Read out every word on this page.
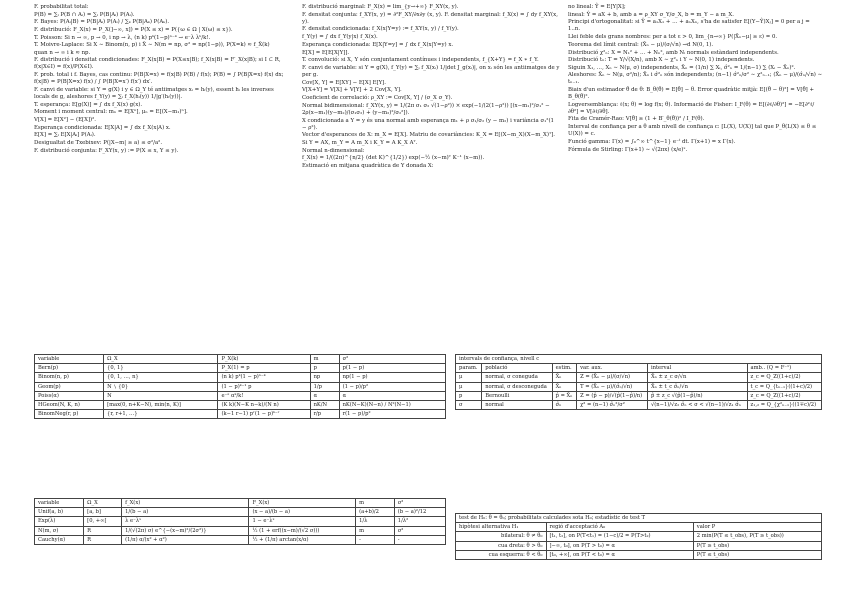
F. probabilitat total:

P(B) = ∑ᵢ P(B ∩ Aᵢ) = ∑ᵢ P(B|Aᵢ) P(Aᵢ).

F. Bayes: P(Aᵢ|B) = P(B|Aᵢ) P(Aᵢ) / ∑ₖ P(B|Aₖ) P(Aₖ).

F. distribució: F_X(x) = P_X(]−∞, x]) = P(X ≤ x) = P({ω ∈ Ω | X(ω) ≤ x}).

T. Poisson: Si n → ∞, p → 0, i np → λ, (n k) pᵏ(1−p)ⁿ⁻ᵏ → e⁻λ λᵏ/k!.

T. Moivre-Laplace: Si X ∼ Binom(n, p) i X̃ ∼ N(m = np, σ² = np(1−p)), P(X=k) ≈ f_X̃(k) quan n → ∞ i k ≈ np.

F. distribució i densitat condicionades: F_X(x|B) = P(X≤x|B); f_X(x|B) = F′_X(x|B); si I ⊂ R, f(x|X∈I) = f(x)/P(X∈I).

F. prob. total i f. Bayes, cas continu: P(B|X=x) = f(x|B) P(B) / f(x); P(B) = ∫ P(B|X=x) f(x) dx; f(x|B) = P(B|X=x) f(x) / ∫ P(B|X=x′) f(x′) dx′.

F. canvi de variable: si Y = g(X) i y ∈ Ω_Y té antiimatges xᵢ = hᵢ(y), essent hᵢ les inverses locals de g, aleshores f_Y(y) = ∑ᵢ f_X(hᵢ(y)) 1/|g′(hᵢ(y))|.

T. esperança: E[g(X)] = ∫ dx f_X(x) g(x).

Moment i moment central: mₙ = E[Xⁿ], μₙ = E[(X−m₁)ⁿ].

V[X] = E[X²] − (E[X])².

Esperança condicionada: E[X|A] = ∫ dx f_X(x|A) x.

E[X] = ∑ᵢ E[X|Aᵢ] P(Aᵢ).

Desigualtat de Txebixev: P(|X−m| ≥ a) ≤ σ²/a².

F. distribució conjunta: F_XY(x, y) := P(X ≤ x, Y ≤ y).

F. distribució marginal: F_X(x) = lim_{y→+∞} F_XY(x, y).

F. densitat conjunta: f_XY(x, y) = ∂²F_XY/∂x∂y (x, y). F. densitat marginal: f_X(x) = ∫ dy f_XY(x, y).

F. densitat condicionada: f_X(x|Y=y) := f_XY(x, y) / f_Y(y).

f_Y(y) = ∫ dx f_Y(y|x) f_X(x).

Esperança condicionada: E[X|Y=y] = ∫ dx f_X(x|Y=y) x.

E[X] = E[E[X|Y]].

T. convolució: si X, Y són conjuntament contínues i independents, f_{X+Y} = f_X ∗ f_Y.

F. canvi de variable: si Y = g(X), f_Y(y) = ∑ᵢ f_X(xᵢ) 1/|det J_g(xᵢ)|, on xᵢ són les antiimatges de y per g.

Cov[X, Y] = E[XY] − E[X] E[Y].

V[X+Y] = V[X] + V[Y] + 2 Cov[X, Y].

Coeficient de correlació: ρ_XY := Cov[X, Y] / (σ_X σ_Y).

Normal bidimensional: f_XY(x, y) = 1/(2π σ₁ σ₂ √(1−ρ²)) × exp(−1/(2(1−ρ²)) [(x−m₁)²/σ₁² − 2ρ(x−m₁)(y−m₂)/(σ₁σ₂) + (y−m₂)²/σ₂²]).

X condicionada a Y = y és una normal amb esperança m₁ + ρ σ₁/σ₂ (y − m₂) i variància σ₁²(1 − ρ²).

Vector d'esperances de X: m_X = E[X]. Matriu de covariàncies: K_X = E[(X−m_X)(X−m_X)ᵀ].

Si Y = AX, m_Y = A m_X i K_Y = A K_X Aᵀ.

Normal n-dimensional:

f_X(x) = 1/((2π)^{n/2} (det K)^{1/2}) exp(−½ (x−m)ᵀ K⁻¹ (x−m)).

Estimació en mitjana quadràtica de Y donada X:

no lineal: Ŷ = E[Y|X];

lineal: Ŷ = aX + b, amb a = ρ_XY σ_Y/σ_X, b = m_Y − a m_X.

Principi d'ortogonalitat: si Ŷ = a₁X₁ + … + aₙXₙ, s'ha de satisfer E[(Y−Ŷ)Xⱼ] = 0 per a j = 1..n.

Llei feble dels grans nombres: per a tot ε > 0, lim_{n→∞} P(|X̄ₙ−μ| ≥ ε) = 0.

Teorema del límit central: (X̄ₙ − μ)/(σ/√n) →d N(0, 1).

Distribució χ²ₙ: X = N₁² + … + Nₙ², amb Nᵢ normals estàndard independents.

Distribució tₙ: T = Y/√(X/n), amb X ∼ χ²ₙ i Y ∼ N(0, 1) independents.

Siguin X₁, …, Xₙ ∼ N(μ, σ) independents, X̄ₙ = (1/n) ∑ Xᵢ, σ̂²ₙ = 1/(n−1) ∑ (Xᵢ − X̄ₙ)². Aleshores: X̄ₙ ∼ N(μ, σ²/n); X̄ₙ i σ̂²ₙ són independents; (n−1) σ̂²ₙ/σ² ∼ χ²ₙ₋₁; (X̄ₙ − μ)/(σ̂ₙ/√n) ∼ tₙ₋₁.

Biaix d'un estimador θ̂ de θ: B_θ(θ̂) = E[θ̂] − θ. Error quadràtic mitjà: E[(θ̂ − θ)²] = V[θ̂] + B_θ(θ̂)².

Logversemblança: ℓ(x; θ) = log f(x; θ). Informació de Fisher: I_F(θ) = E[(∂ℓ/∂θ)²] = −E[∂²ℓ/∂θ²] = V[∂ℓ/∂θ].

Fita de Cramér-Rao: V[θ̂] ≥ (1 + B′_θ(θ̂))² / I_F(θ).

Interval de confiança per a θ amb nivell de confiança c: [L(X), U(X)] tal que P_θ(L(X) ≤ θ ≤ U(X)) = c.

Funció gamma: Γ(x) = ∫₀^∞ t^{x−1} e⁻ᵗ dt. Γ(x+1) = x Γ(x).

Fórmula de Stirling: Γ(x+1) ∼ √(2πx) (x/e)ˣ.

variable	Ω_X	P_X(k)	m	σ²
Bern(p)	{0, 1}	P_X(1) = p	p	p(1 − p)
Binom(n, p)	{0, 1, …, n}	(n k) pᵏ(1 − p)ⁿ⁻ᵏ	np	np(1 − p)
Geom(p)	N ∖ {0}	(1 − p)ᵏ⁻¹ p	1/p	(1 − p)/p²
Poiss(α)	N	e⁻ᵅ αᵏ/k!	α	α
HGeom(N, K, n)	[max(0, n+K−N), min(n, K)]	(K k)(N−K n−k)/(N n)	nK/N	nK(N−K)(N−n) / N²(N−1)
BinomNeg(r, p)	{r, r+1, …}	(k−1 r−1) pʳ(1 − p)ᵏ⁻ʳ	r/p	r(1 − p)/p²
variable	Ω_X	f_X(x)	F_X(x)	m	σ²
Unif(a, b)	[a, b]	1/(b − a)	(x − a)/(b − a)	(a+b)/2	(b − a)²/12
Exp(λ)	[0, +∞[	λ e⁻λˣ	1 − e⁻λˣ	1/λ	1/λ²
N(m, σ)	R	1/(√(2π) σ) e^{−(x−m)²/(2σ²)}	½ (1 + erf((x−m)/(√2 σ)))	m	σ²
Cauchy(α)	R	(1/π) α/(x² + α²)	½ + (1/π) arctan(x/α)	-	-
intervals de confiança, nivell c					
param.	població	estim.	var. aux.	interval	amb.. (Q = F⁻¹)
μ	normal, σ coneguda	X̄ₙ	Z = (X̄ₙ − μ)/(σ/√n)	X̄ₙ ± z_c σ/√n	z_c = Q_Z((1+c)/2)
μ	normal, σ desconeguda	X̄ₙ	T = (X̄ₙ − μ)/(σ̂ₙ/√n)	X̄ₙ ± t_c σ̂ₙ/√n	t_c = Q_{tₙ₋₁}((1+c)/2)
p	Bernoulli	p̂ = X̄ₙ	Z = (p̂ − p)/√(p̂(1−p̂)/n)	p̂ ± z_c √(p̂(1−p̂)/n)	z_c = Q_Z((1+c)/2)
σ	normal	σ̂ₙ	χ² = (n−1) σ̂ₙ²/σ²	√(n−1)/√z₂ σ̂ₙ < σ < √(n−1)/√z₁ σ̂ₙ	z₁,₂ = Q_{χ²ₙ₋₁}((1∓c)/2)
test de H₀: θ = θ₀; probabilitats calculades sota H₀; estadístic de test T		
hipòtesi alternativa H₁	regió d'acceptació A₀	valor P
bilateral: θ ≠ θ₀	[t₁, t₂], on P(T<t₁) = (1−c)/2 = P(T>t₂)	2 min(P(T ≤ t_obs), P(T ≥ t_obs))
cua dreta: θ > θ₀	]−∞, t₀], on P(T > t₀) = α	P(T ≥ t_obs)
cua esquerra: θ < θ₀	[t₀, +∞[, on P(T < t₀) = α	P(T ≤ t_obs)
